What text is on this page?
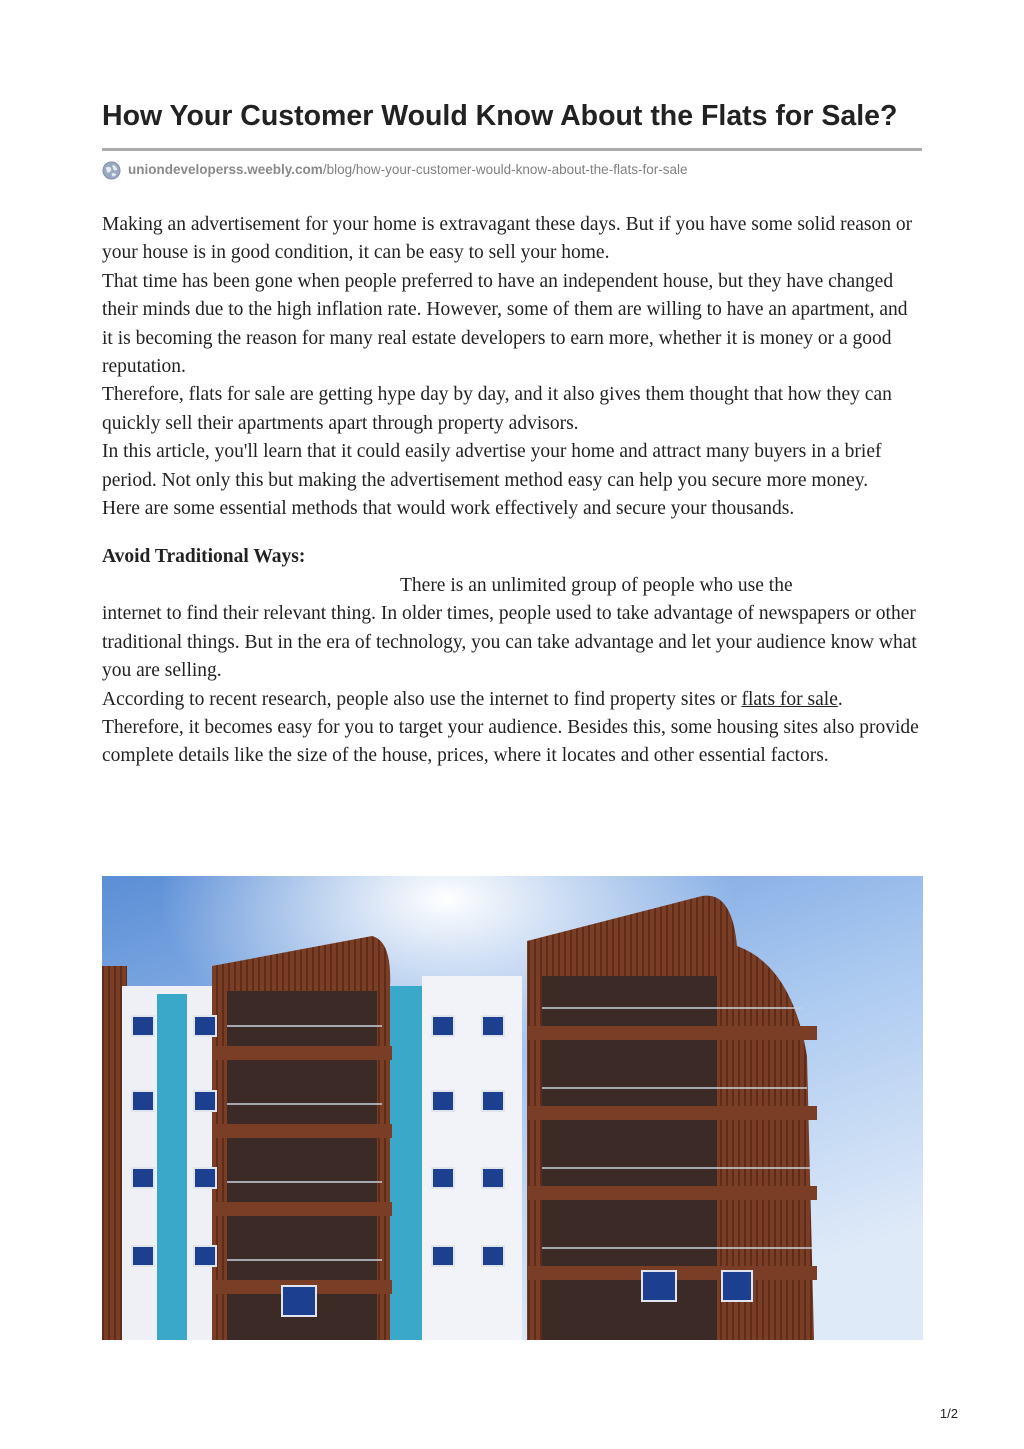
How Your Customer Would Know About the Flats for Sale?
uniondeveloperss.weebly.com /blog/how-your-customer-would-know-about-the-flats-for-sale

Making an advertisement for your home is extravagant these days. But if you have some solid reason or your house is in good condition, it can be easy to sell your home.

That time has been gone when people preferred to have an independent house, but they have changed their minds due to the high inflation rate. However, some of them are willing to have an apartment, and it is becoming the reason for many real estate developers to earn more, whether it is money or a good reputation.

Therefore, flats for sale are getting hype day by day, and it also gives them thought that how they can quickly sell their apartments apart through property advisors.

In this article, you'll learn that it could easily advertise your home and attract many buyers in a brief period. Not only this but making the advertisement method easy can help you secure more money.

Here are some essential methods that would work effectively and secure your thousands.

Avoid Traditional Ways:

There is an unlimited group of people who use the

internet to find their relevant thing. In older times, people used to take advantage of newspapers or other traditional things. But in the era of technology, you can take advantage and let your audience know what you are selling.

According to recent research, people also use the internet to find property sites or flats for sale. Therefore, it becomes easy for you to target your audience. Besides this, some housing sites also provide complete details like the size of the house, prices, where it locates and other essential factors.

1/2
